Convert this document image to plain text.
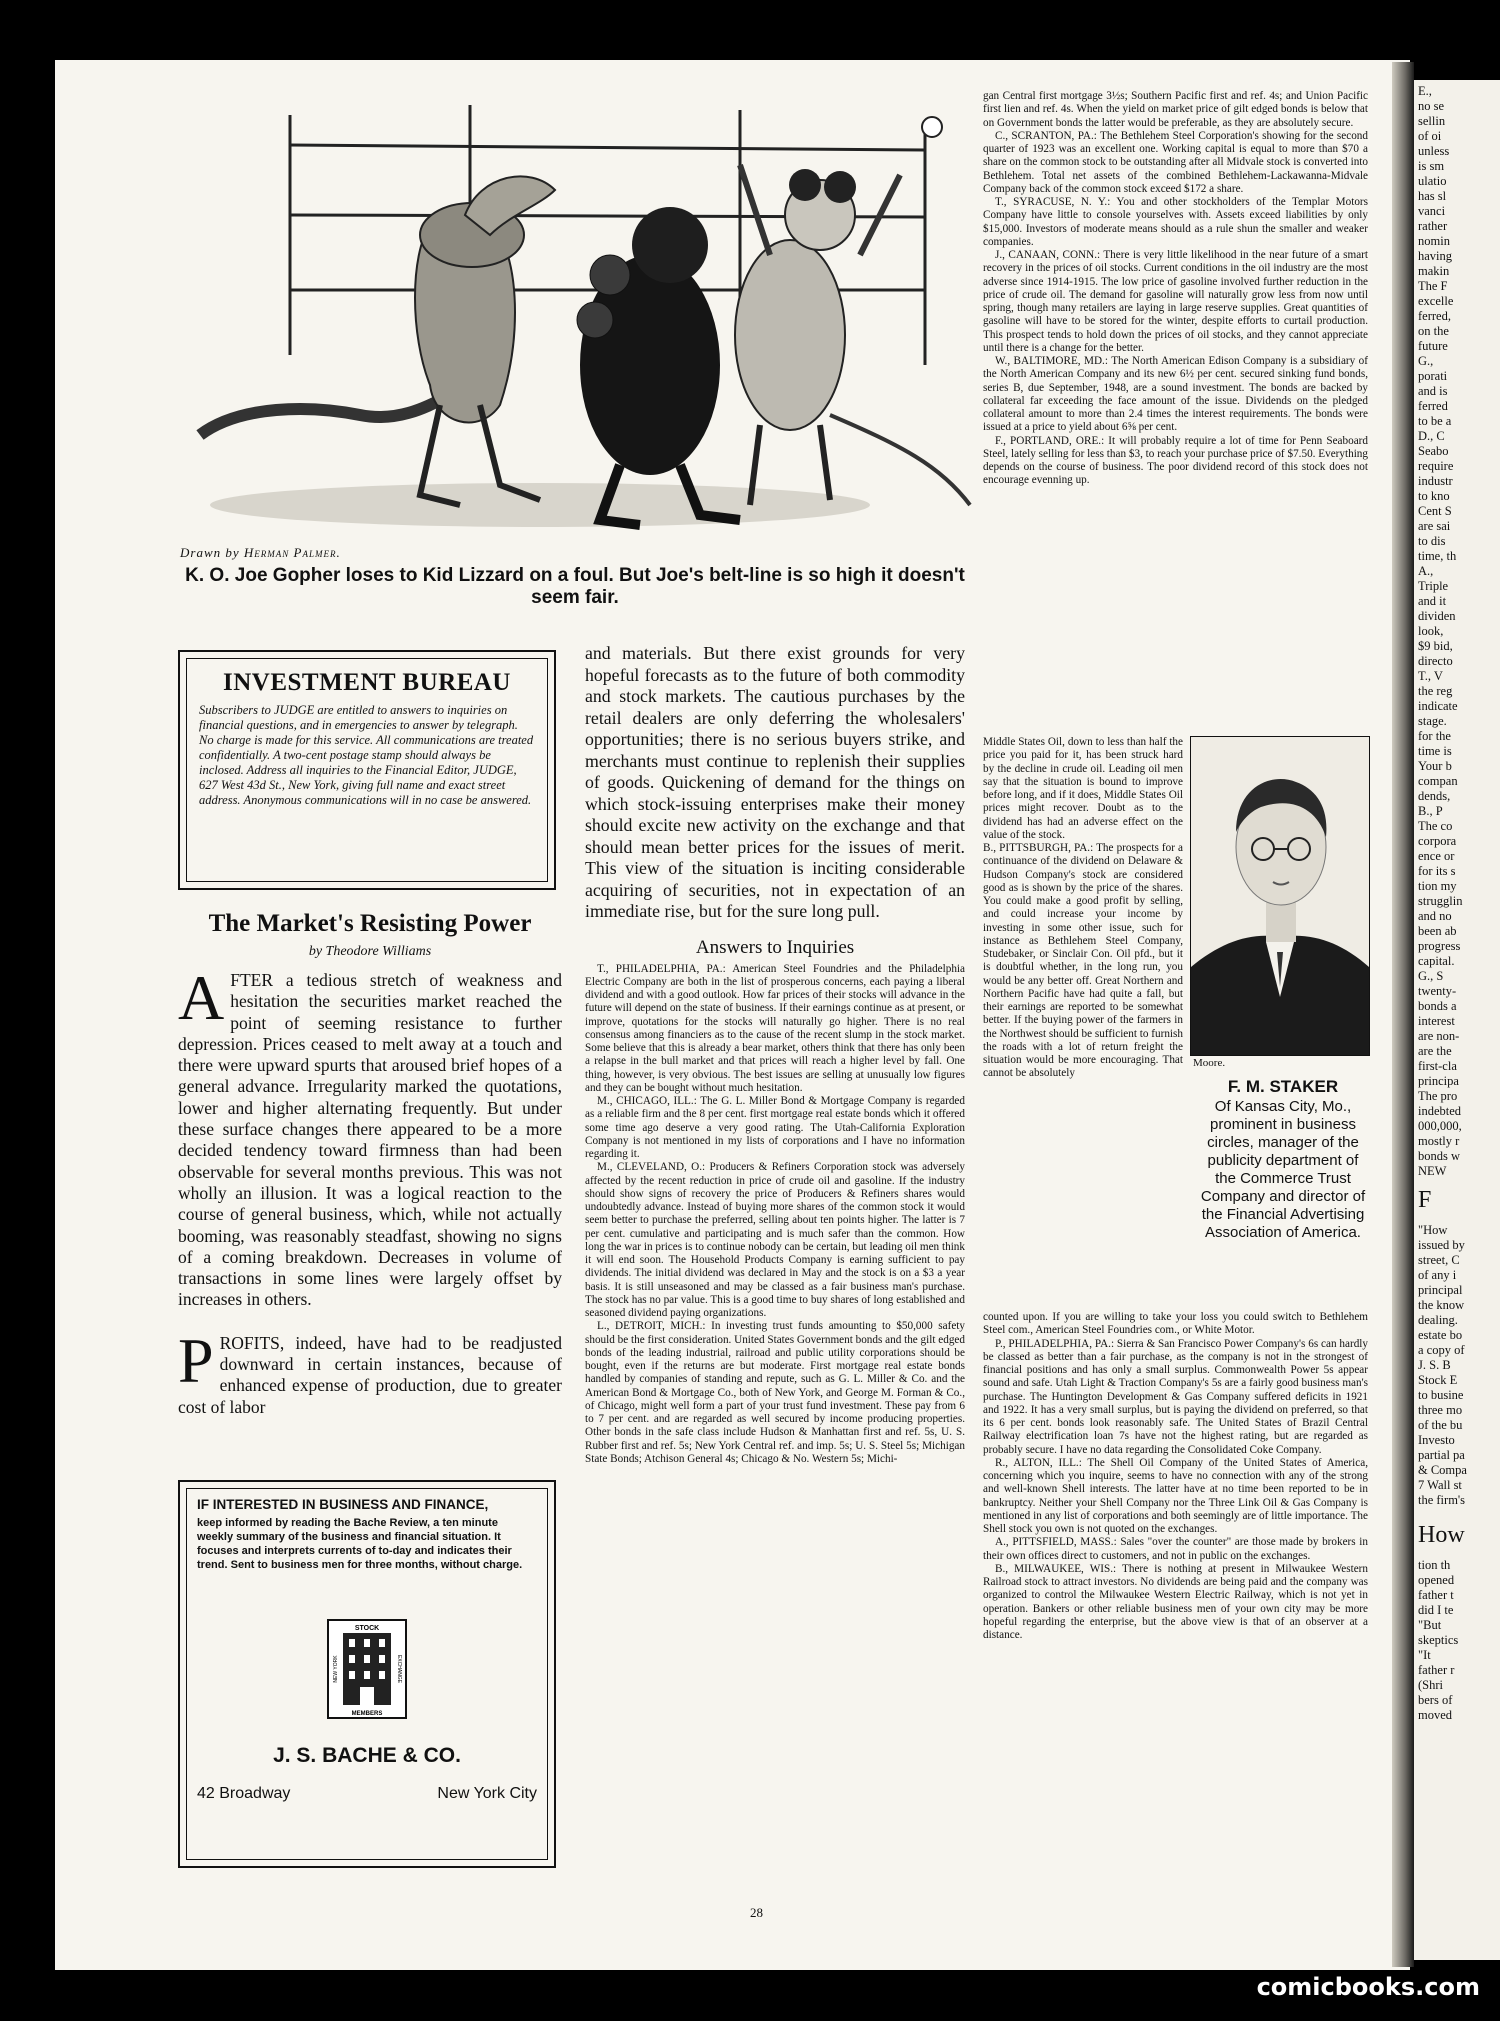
E.,
no se
sellin
of oi
unless
is sm
ulatio
has sl
vanci
rather
nomin
having
makin
The F
excelle
ferred,
on the
future
G.,
porati
and is
ferred
to be a
D., C
Seabo
require
industr
to kno
Cent S
are sai
to dis
time, th
A.,
Triple
and it
dividen
look,
$9 bid,
directo
T., V
the reg
indicate
stage.
for the
time is
Your b
compan
dends,
B., P
The co
corpora
ence or
for its s
tion my
strugglin
and no
been ab
progress
capital.
G., S
twenty-
bonds a
interest
are non-
are the
first-cla
principa
The pro
indebted
000,000,
mostly r
bonds w
NEW
F
"How
issued by
street, C
of any i
principal
the know
dealing.
estate bo
a copy of
J. S. B
Stock E
to busine
three mo
of the bu
Investo
partial pa
& Compa
7 Wall st
the firm's
How
tion th
opened
father t
did I te
"But
skeptics
"It
father r
(Shri
bers of
moved
Drawn by Herman Palmer.
K. O. Joe Gopher loses to Kid Lizzard on a foul. But Joe's belt-line is so high it doesn't seem fair.
INVESTMENT BUREAU
Subscribers to JUDGE are entitled to answers to inquiries on financial questions, and in emergencies to answer by telegraph. No charge is made for this service. All communications are treated confidentially. A two-cent postage stamp should always be inclosed. Address all inquiries to the Financial Editor, JUDGE, 627 West 43d St., New York, giving full name and exact street address. Anonymous communications will in no case be answered.
The Market's Resisting Power
by Theodore Williams

AFTER a tedious stretch of weakness and hesitation the securities market reached the point of seeming resistance to further depression. Prices ceased to melt away at a touch and there were upward spurts that aroused brief hopes of a general advance. Irregularity marked the quotations, lower and higher alternating frequently. But under these surface changes there appeared to be a more decided tendency toward firmness than had been observable for several months previous. This was not wholly an illusion. It was a logical reaction to the course of general business, which, while not actually booming, was reasonably steadfast, showing no signs of a coming breakdown. Decreases in volume of transactions in some lines were largely offset by increases in others.

PROFITS, indeed, have had to be readjusted downward in certain instances, because of enhanced expense of production, due to greater cost of labor

IF INTERESTED IN BUSINESS AND FINANCE,

keep informed by reading the Bache Review, a ten minute weekly summary of the business and financial situation. It focuses and interprets currents of to-day and indicates their trend. Sent to business men for three months, without charge.

STOCK
MEMBERS
NEW YORK	EXCHANGE
J. S. BACHE & CO.
42 Broadway	New York City

and materials. But there exist grounds for very hopeful forecasts as to the future of both commodity and stock markets. The cautious purchases by the retail dealers are only deferring the wholesalers' opportunities; there is no serious buyers strike, and merchants must continue to replenish their supplies of goods. Quickening of demand for the things on which stock-issuing enterprises make their money should excite new activity on the exchange and that should mean better prices for the issues of merit. This view of the situation is inciting considerable acquiring of securities, not in expectation of an immediate rise, but for the sure long pull.

Answers to Inquiries

T., PHILADELPHIA, PA.: American Steel Foundries and the Philadelphia Electric Company are both in the list of prosperous concerns, each paying a liberal dividend and with a good outlook. How far prices of their stocks will advance in the future will depend on the state of business. If their earnings continue as at present, or improve, quotations for the stocks will naturally go higher. There is no real consensus among financiers as to the cause of the recent slump in the stock market. Some believe that this is already a bear market, others think that there has only been a relapse in the bull market and that prices will reach a higher level by fall. One thing, however, is very obvious. The best issues are selling at unusually low figures and they can be bought without much hesitation.

M., CHICAGO, ILL.: The G. L. Miller Bond & Mortgage Company is regarded as a reliable firm and the 8 per cent. first mortgage real estate bonds which it offered some time ago deserve a very good rating. The Utah-California Exploration Company is not mentioned in my lists of corporations and I have no information regarding it.

M., CLEVELAND, O.: Producers & Refiners Corporation stock was adversely affected by the recent reduction in price of crude oil and gasoline. If the industry should show signs of recovery the price of Producers & Refiners shares would undoubtedly advance. Instead of buying more shares of the common stock it would seem better to purchase the preferred, selling about ten points higher. The latter is 7 per cent. cumulative and participating and is much safer than the common. How long the war in prices is to continue nobody can be certain, but leading oil men think it will end soon. The Household Products Company is earning sufficient to pay dividends. The initial dividend was declared in May and the stock is on a $3 a year basis. It is still unseasoned and may be classed as a fair business man's purchase. The stock has no par value. This is a good time to buy shares of long established and seasoned dividend paying organizations.

L., DETROIT, MICH.: In investing trust funds amounting to $50,000 safety should be the first consideration. United States Government bonds and the gilt edged bonds of the leading industrial, railroad and public utility corporations should be bought, even if the returns are but moderate. First mortgage real estate bonds handled by companies of standing and repute, such as G. L. Miller & Co. and the American Bond & Mortgage Co., both of New York, and George M. Forman & Co., of Chicago, might well form a part of your trust fund investment. These pay from 6 to 7 per cent. and are regarded as well secured by income producing properties. Other bonds in the safe class include Hudson & Manhattan first and ref. 5s, U. S. Rubber first and ref. 5s; New York Central ref. and imp. 5s; U. S. Steel 5s; Michigan State Bonds; Atchison General 4s; Chicago & No. Western 5s; Michi-

gan Central first mortgage 3½s; Southern Pacific first and ref. 4s; and Union Pacific first lien and ref. 4s. When the yield on market price of gilt edged bonds is below that on Government bonds the latter would be preferable, as they are absolutely secure.

C., SCRANTON, PA.: The Bethlehem Steel Corporation's showing for the second quarter of 1923 was an excellent one. Working capital is equal to more than $70 a share on the common stock to be outstanding after all Midvale stock is converted into Bethlehem. Total net assets of the combined Bethlehem-Lackawanna-Midvale Company back of the common stock exceed $172 a share.

T., SYRACUSE, N. Y.: You and other stockholders of the Templar Motors Company have little to console yourselves with. Assets exceed liabilities by only $15,000. Investors of moderate means should as a rule shun the smaller and weaker companies.

J., CANAAN, CONN.: There is very little likelihood in the near future of a smart recovery in the prices of oil stocks. Current conditions in the oil industry are the most adverse since 1914-1915. The low price of gasoline involved further reduction in the price of crude oil. The demand for gasoline will naturally grow less from now until spring, though many retailers are laying in large reserve supplies. Great quantities of gasoline will have to be stored for the winter, despite efforts to curtail production. This prospect tends to hold down the prices of oil stocks, and they cannot appreciate until there is a change for the better.

W., BALTIMORE, MD.: The North American Edison Company is a subsidiary of the North American Company and its new 6½ per cent. secured sinking fund bonds, series B, due September, 1948, are a sound investment. The bonds are backed by collateral far exceeding the face amount of the issue. Dividends on the pledged collateral amount to more than 2.4 times the interest requirements. The bonds were issued at a price to yield about 6⅝ per cent.

F., PORTLAND, ORE.: It will probably require a lot of time for Penn Seaboard Steel, lately selling for less than $3, to reach your purchase price of $7.50. Everything depends on the course of business. The poor dividend record of this stock does not encourage evenning up.

Middle States Oil, down to less than half the price you paid for it, has been struck hard by the decline in crude oil. Leading oil men say that the situation is bound to improve before long, and if it does, Middle States Oil prices might recover. Doubt as to the dividend has had an adverse effect on the value of the stock.
B., PITTSBURGH, PA.: The prospects for a continuance of the dividend on Delaware & Hudson Company's stock are considered good as is shown by the price of the shares. You could make a good profit by selling, and could increase your income by investing in some other issue, such for instance as Bethlehem Steel Company, Studebaker, or Sinclair Con. Oil pfd., but it is doubtful whether, in the long run, you would be any better off. Great Northern and Northern Pacific have had quite a fall, but their earnings are reported to be somewhat better. If the buying power of the farmers in the Northwest should be sufficient to furnish the roads with a lot of return freight the situation would be more encouraging. That cannot be absolutely

Moore.
F. M. STAKER
Of Kansas City, Mo., prominent in business circles, manager of the publicity department of the Commerce Trust Company and director of the Financial Advertising Association of America.

counted upon. If you are willing to take your loss you could switch to Bethlehem Steel com., American Steel Foundries com., or White Motor.

P., PHILADELPHIA, PA.: Sierra & San Francisco Power Company's 6s can hardly be classed as better than a fair purchase, as the company is not in the strongest of financial positions and has only a small surplus. Commonwealth Power 5s appear sound and safe. Utah Light & Traction Company's 5s are a fairly good business man's purchase. The Huntington Development & Gas Company suffered deficits in 1921 and 1922. It has a very small surplus, but is paying the dividend on preferred, so that its 6 per cent. bonds look reasonably safe. The United States of Brazil Central Railway electrification loan 7s have not the highest rating, but are regarded as probably secure. I have no data regarding the Consolidated Coke Company.

R., ALTON, ILL.: The Shell Oil Company of the United States of America, concerning which you inquire, seems to have no connection with any of the strong and well-known Shell interests. The latter have at no time been reported to be in bankruptcy. Neither your Shell Company nor the Three Link Oil & Gas Company is mentioned in any list of corporations and both seemingly are of little importance. The Shell stock you own is not quoted on the exchanges.

A., PITTSFIELD, MASS.: Sales "over the counter" are those made by brokers in their own offices direct to customers, and not in public on the exchanges.

B., MILWAUKEE, WIS.: There is nothing at present in Milwaukee Western Railroad stock to attract investors. No dividends are being paid and the company was organized to control the Milwaukee Western Electric Railway, which is not yet in operation. Bankers or other reliable business men of your own city may be more hopeful regarding the enterprise, but the above view is that of an observer at a distance.

28
comicbooks.com
